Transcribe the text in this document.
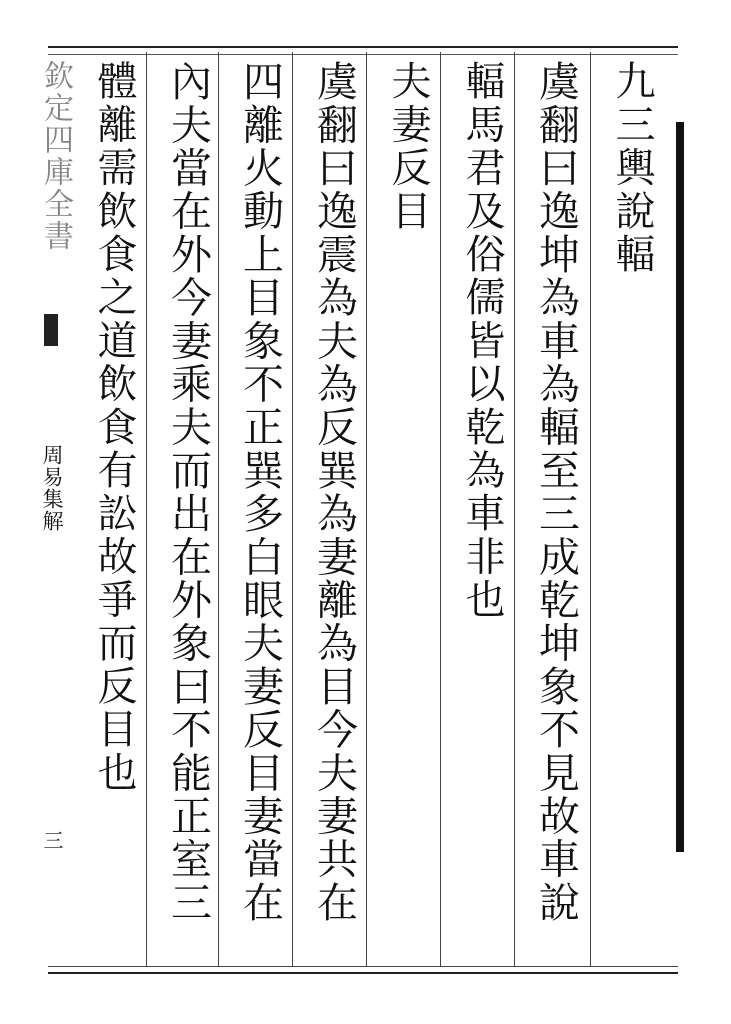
欽定四庫全書
周易集解
三
九三輿說輻
虞翻曰逸坤為車為輻至三成乾坤象不見故車說
輻馬君及俗儒皆以乾為車非也
夫妻反目
虞翻曰逸震為夫為反巽為妻離為目今夫妻共在
四離火動上目象不正巽多白眼夫妻反目妻當在
內夫當在外今妻乘夫而出在外象曰不能正室三
體離需飲食之道飲食有訟故爭而反目也
